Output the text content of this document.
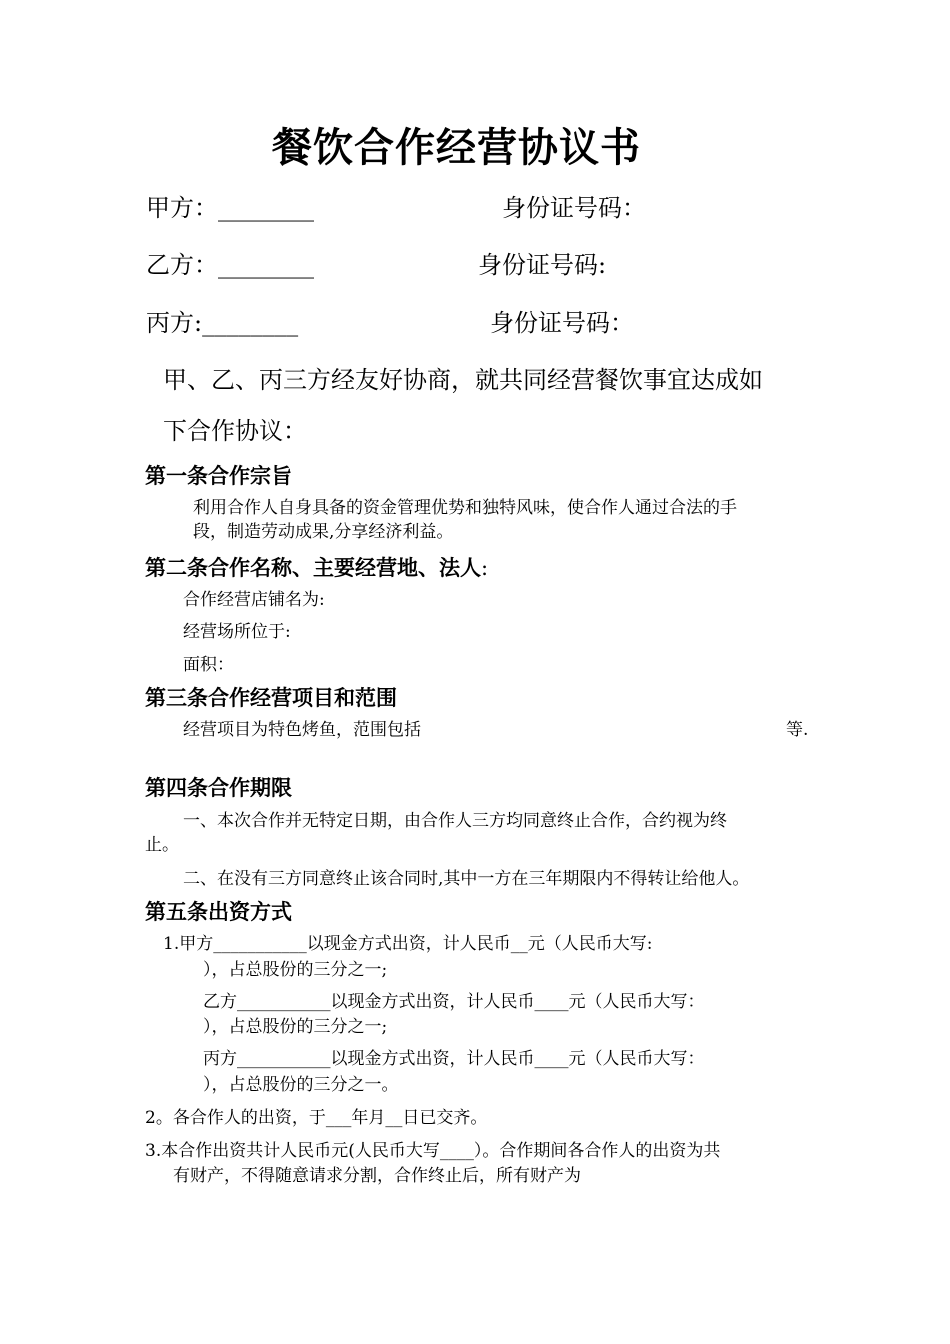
餐饮合作经营协议书
甲方：________	身份证号码：
乙方：________	身份证号码:
丙方:________	身份证号码：
甲、乙、丙三方经友好协商，就共同经营餐饮事宜达成如
下合作协议：
第一条合作宗旨
利用合作人自身具备的资金管理优势和独特风味，使合作人通过合法的手
段，制造劳动成果,分享经济利益。
第二条合作名称、主要经营地、法人:
合作经营店铺名为:
经营场所位于:
面积：
第三条合作经营项目和范围
经营项目为特色烤鱼，范围包括	等.
第四条合作期限
一、本次合作并无特定日期，由合作人三方均同意终止合作，合约视为终
止。
二、在没有三方同意终止该合同时,其中一方在三年期限内不得转让给他人。
第五条出资方式
1.甲方___________以现金方式出资，计人民币__元（人民币大写:
），占总股份的三分之一;
乙方___________以现金方式出资，计人民币____元（人民币大写：
），占总股份的三分之一;
丙方___________以现金方式出资，计人民币____元（人民币大写：
），占总股份的三分之一。
2。各合作人的出资，于___年月__日已交齐。
3.本合作出资共计人民币元(人民币大写____）。合作期间各合作人的出资为共
有财产，不得随意请求分割，合作终止后，所有财产为
